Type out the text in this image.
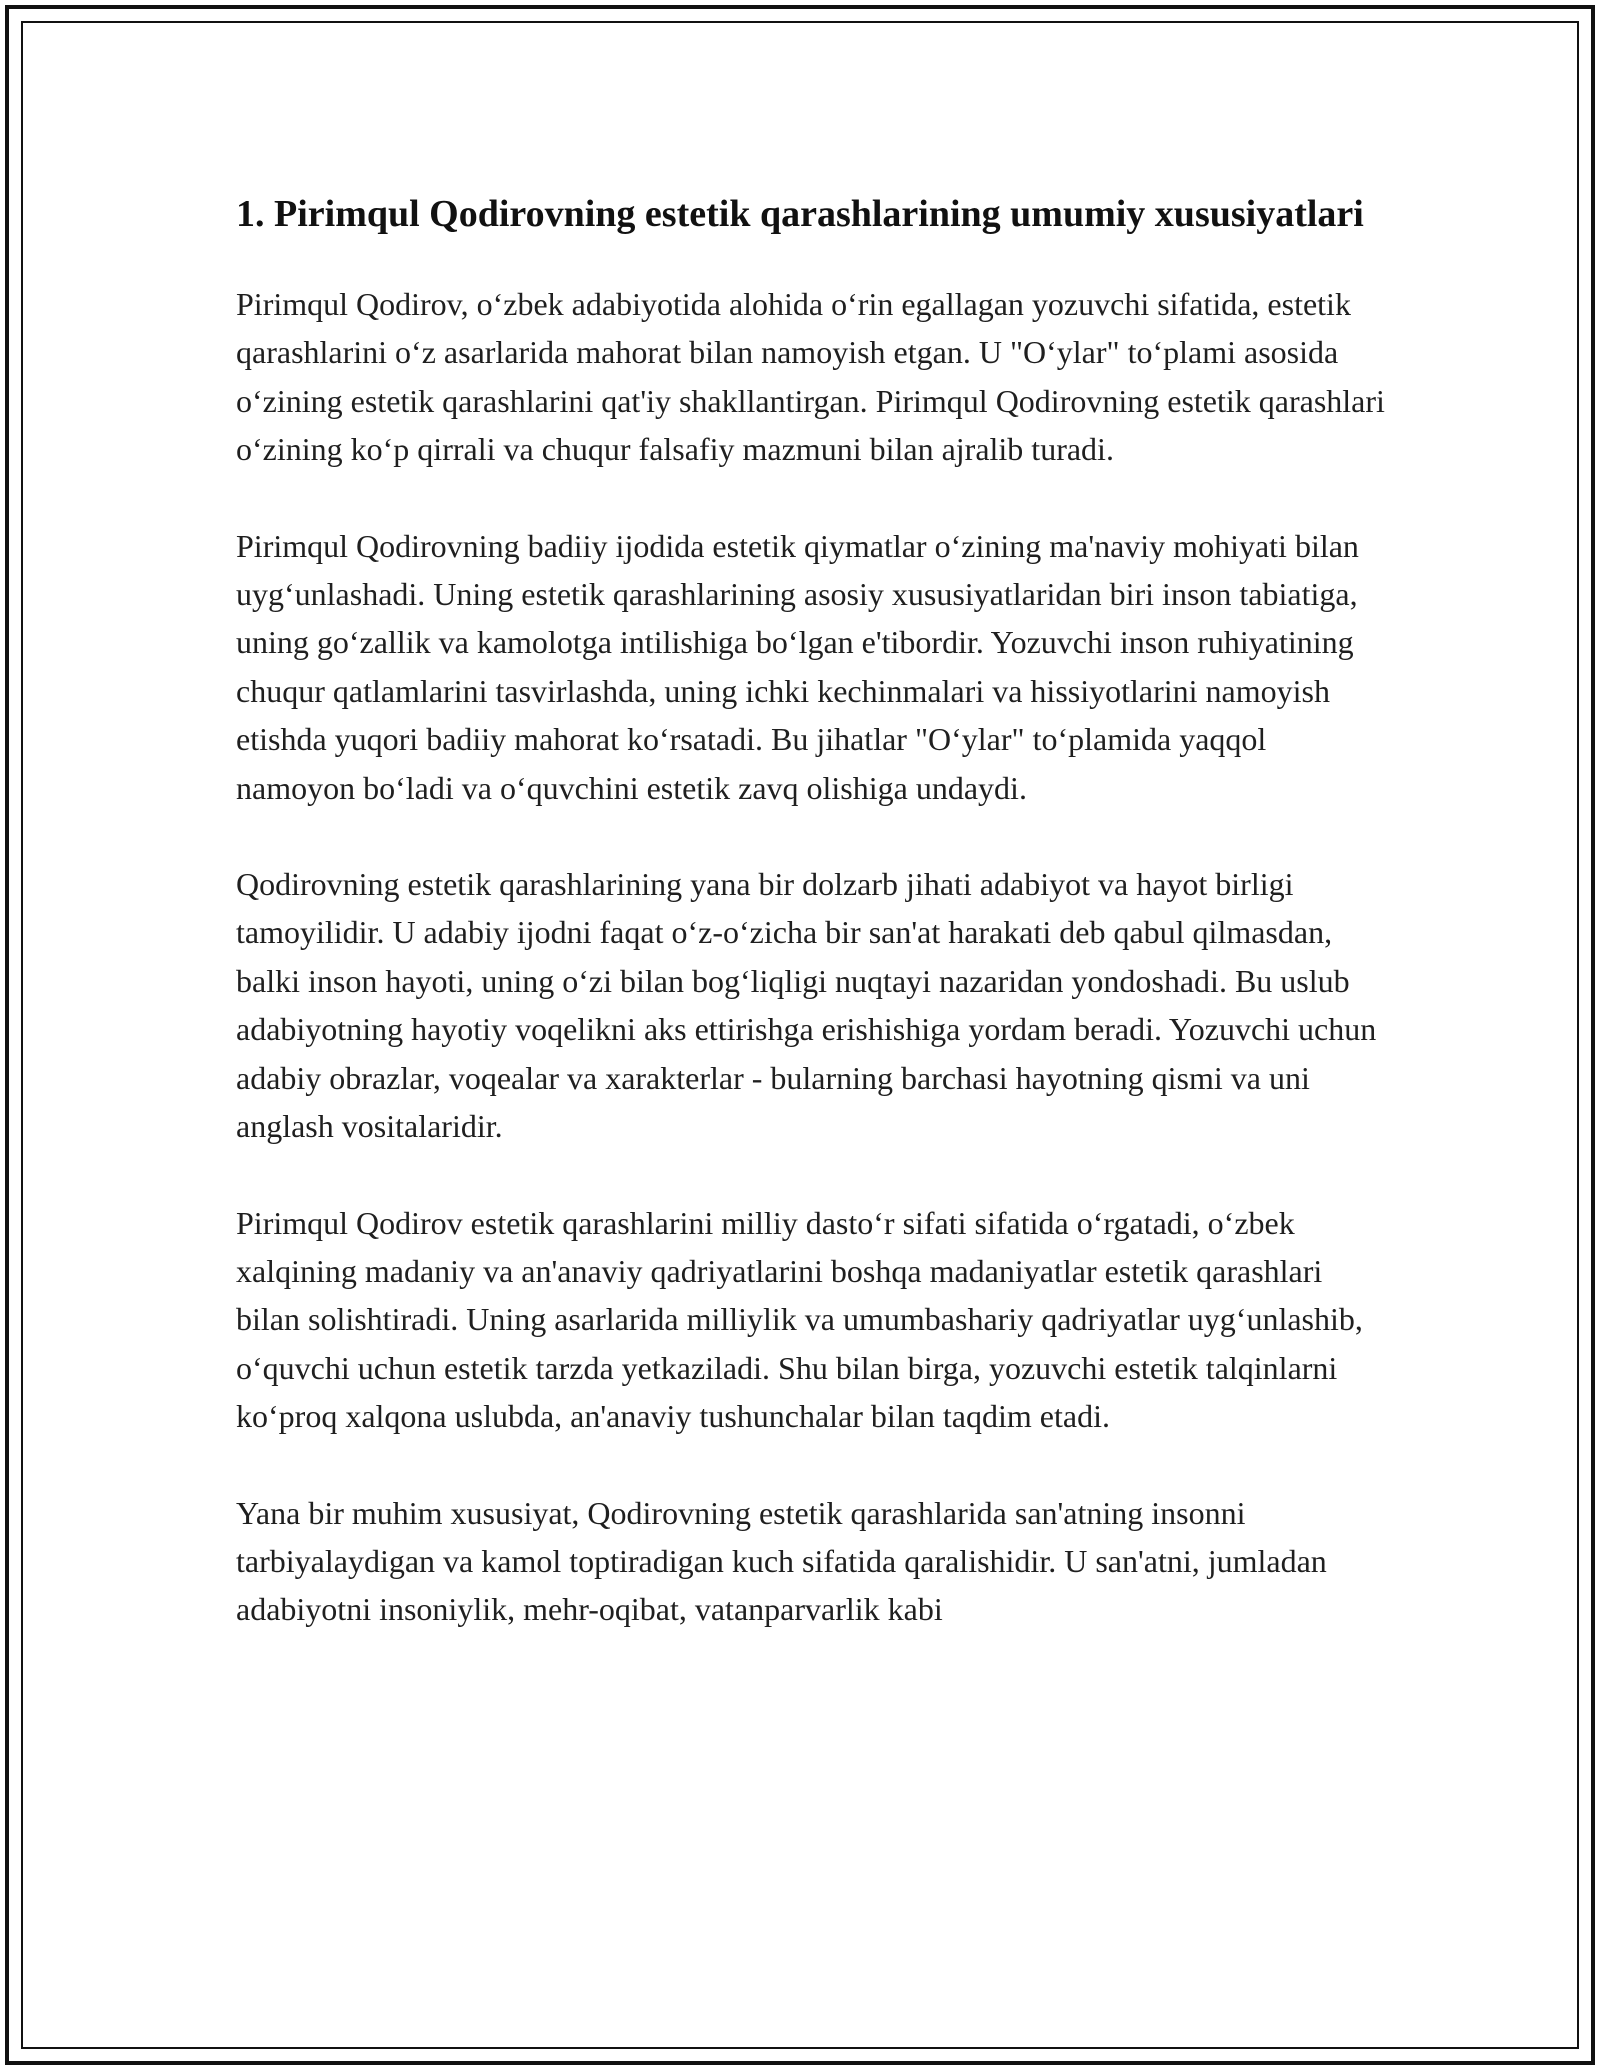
1. Pirimqul Qodirovning estetik qarashlarining umumiy xususiyatlari

Pirimqul Qodirov, o‘zbek adabiyotida alohida o‘rin egallagan yozuvchi sifatida, estetik qarashlarini o‘z asarlarida mahorat bilan namoyish etgan. U "O‘ylar" to‘plami asosida o‘zining estetik qarashlarini qat'iy shakllantirgan. Pirimqul Qodirovning estetik qarashlari o‘zining ko‘p qirrali va chuqur falsafiy mazmuni bilan ajralib turadi.

Pirimqul Qodirovning badiiy ijodida estetik qiymatlar o‘zining ma'naviy mohiyati bilan uyg‘unlashadi. Uning estetik qarashlarining asosiy xususiyatlaridan biri inson tabiatiga, uning go‘zallik va kamolotga intilishiga bo‘lgan e'tibordir. Yozuvchi inson ruhiyatining chuqur qatlamlarini tasvirlashda, uning ichki kechinmalari va hissiyotlarini namoyish etishda yuqori badiiy mahorat ko‘rsatadi. Bu jihatlar "O‘ylar" to‘plamida yaqqol namoyon bo‘ladi va o‘quvchini estetik zavq olishiga undaydi.

Qodirovning estetik qarashlarining yana bir dolzarb jihati adabiyot va hayot birligi tamoyilidir. U adabiy ijodni faqat o‘z-o‘zicha bir san'at harakati deb qabul qilmasdan, balki inson hayoti, uning o‘zi bilan bog‘liqligi nuqtayi nazaridan yondoshadi. Bu uslub adabiyotning hayotiy voqelikni aks ettirishga erishishiga yordam beradi. Yozuvchi uchun adabiy obrazlar, voqealar va xarakterlar - bularning barchasi hayotning qismi va uni anglash vositalaridir.

Pirimqul Qodirov estetik qarashlarini milliy dasto‘r sifati sifatida o‘rgatadi, o‘zbek xalqining madaniy va an'anaviy qadriyatlarini boshqa madaniyatlar estetik qarashlari bilan solishtiradi. Uning asarlarida milliylik va umumbashariy qadriyatlar uyg‘unlashib, o‘quvchi uchun estetik tarzda yetkaziladi. Shu bilan birga, yozuvchi estetik talqinlarni ko‘proq xalqona uslubda, an'anaviy tushunchalar bilan taqdim etadi.

Yana bir muhim xususiyat, Qodirovning estetik qarashlarida san'atning insonni tarbiyalaydigan va kamol toptiradigan kuch sifatida qaralishidir. U san'atni, jumladan adabiyotni insoniylik, mehr-oqibat, vatanparvarlik kabi
